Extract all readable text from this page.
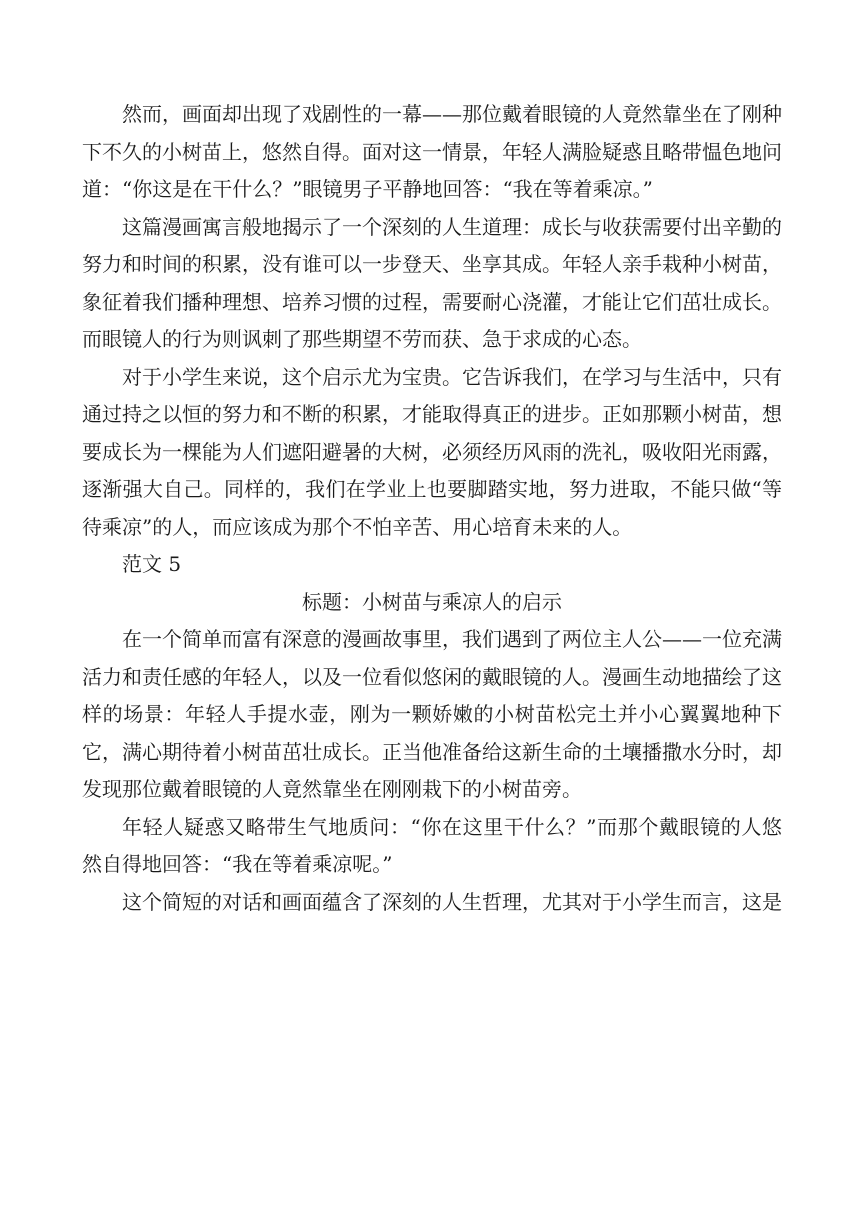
然而，画面却出现了戏剧性的一幕——那位戴着眼镜的人竟然靠坐在了刚种下不久的小树苗上，悠然自得。面对这一情景，年轻人满脸疑惑且略带愠色地问道：“你这是在干什么？”眼镜男子平静地回答：“我在等着乘凉。”

这篇漫画寓言般地揭示了一个深刻的人生道理：成长与收获需要付出辛勤的努力和时间的积累，没有谁可以一步登天、坐享其成。年轻人亲手栽种小树苗，象征着我们播种理想、培养习惯的过程，需要耐心浇灌，才能让它们茁壮成长。而眼镜人的行为则讽刺了那些期望不劳而获、急于求成的心态。

对于小学生来说，这个启示尤为宝贵。它告诉我们，在学习与生活中，只有通过持之以恒的努力和不断的积累，才能取得真正的进步。正如那颗小树苗，想要成长为一棵能为人们遮阳避暑的大树，必须经历风雨的洗礼，吸收阳光雨露，逐渐强大自己。同样的，我们在学业上也要脚踏实地，努力进取，不能只做“等待乘凉”的人，而应该成为那个不怕辛苦、用心培育未来的人。

范文 5

标题：小树苗与乘凉人的启示

在一个简单而富有深意的漫画故事里，我们遇到了两位主人公——一位充满活力和责任感的年轻人，以及一位看似悠闲的戴眼镜的人。漫画生动地描绘了这样的场景：年轻人手提水壶，刚为一颗娇嫩的小树苗松完土并小心翼翼地种下它，满心期待着小树苗茁壮成长。正当他准备给这新生命的土壤播撒水分时，却发现那位戴着眼镜的人竟然靠坐在刚刚栽下的小树苗旁。

年轻人疑惑又略带生气地质问：“你在这里干什么？”而那个戴眼镜的人悠然自得地回答：“我在等着乘凉呢。”

这个简短的对话和画面蕴含了深刻的人生哲理，尤其对于小学生而言，这是
